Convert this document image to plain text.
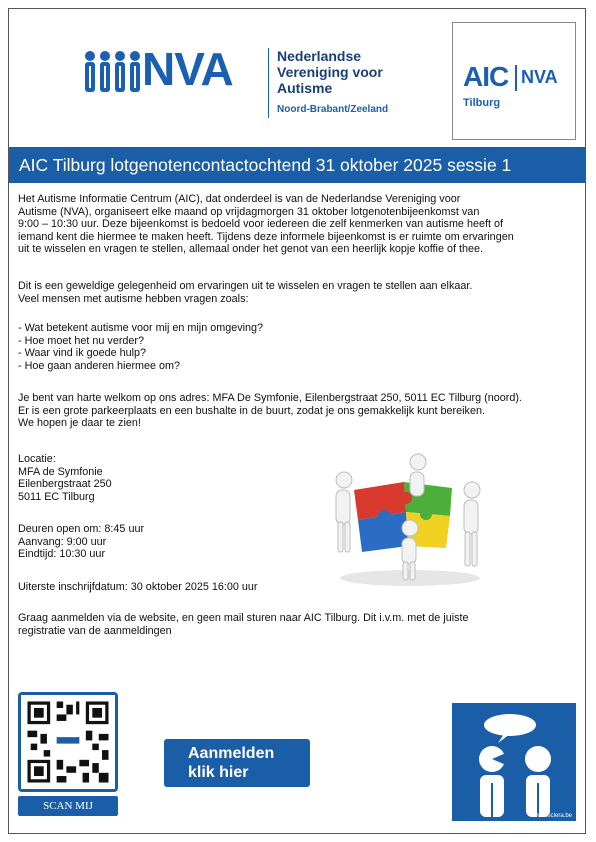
NVA	Nederlandse
Vereniging voor
Autisme
Noord-Brabant/Zeeland
AIC NVA
Tilburg
AIC Tilburg lotgenotencontactochtend 31 oktober 2025 sessie 1
Het Autisme Informatie Centrum (AIC), dat onderdeel is van de Nederlandse Vereniging voor
Autisme (NVA), organiseert elke maand op vrijdagmorgen 31 oktober lotgenotenbijeenkomst van
9:00 – 10:30 uur. Deze bijeenkomst is bedoeld voor iedereen die zelf kenmerken van autisme heeft of
iemand kent die hiermee te maken heeft. Tijdens deze informele bijeenkomst is er ruimte om ervaringen
uit te wisselen en vragen te stellen, allemaal onder het genot van een heerlijk kopje koffie of thee.
Dit is een geweldige gelegenheid om ervaringen uit te wisselen en vragen te stellen aan elkaar.
Veel mensen met autisme hebben vragen zoals:
- Wat betekent autisme voor mij en mijn omgeving?
- Hoe moet het nu verder?
- Waar vind ik goede hulp?
- Hoe gaan anderen hiermee om?
Je bent van harte welkom op ons adres: MFA De Symfonie, Eilenbergstraat 250, 5011 EC Tilburg (noord).
Er is een grote parkeerplaats en een bushalte in de buurt, zodat je ons gemakkelijk kunt bereiken.
We hopen je daar te zien!
Locatie:
MFA de Symfonie
Eilenbergstraat 250
5011 EC Tilburg
Deuren open om: 8:45 uur
Aanvang: 9:00 uur
Eindtijd: 10:30 uur
Uiterste inschrijfdatum: 30 oktober 2025 16:00 uur
Graag aanmelden via de website, en geen mail sturen naar AIC Tilburg. Dit i.v.m. met de juiste
registratie van de aanmeldingen
SCAN MIJ
Aanmelden
klik hier
www.sclera.be
